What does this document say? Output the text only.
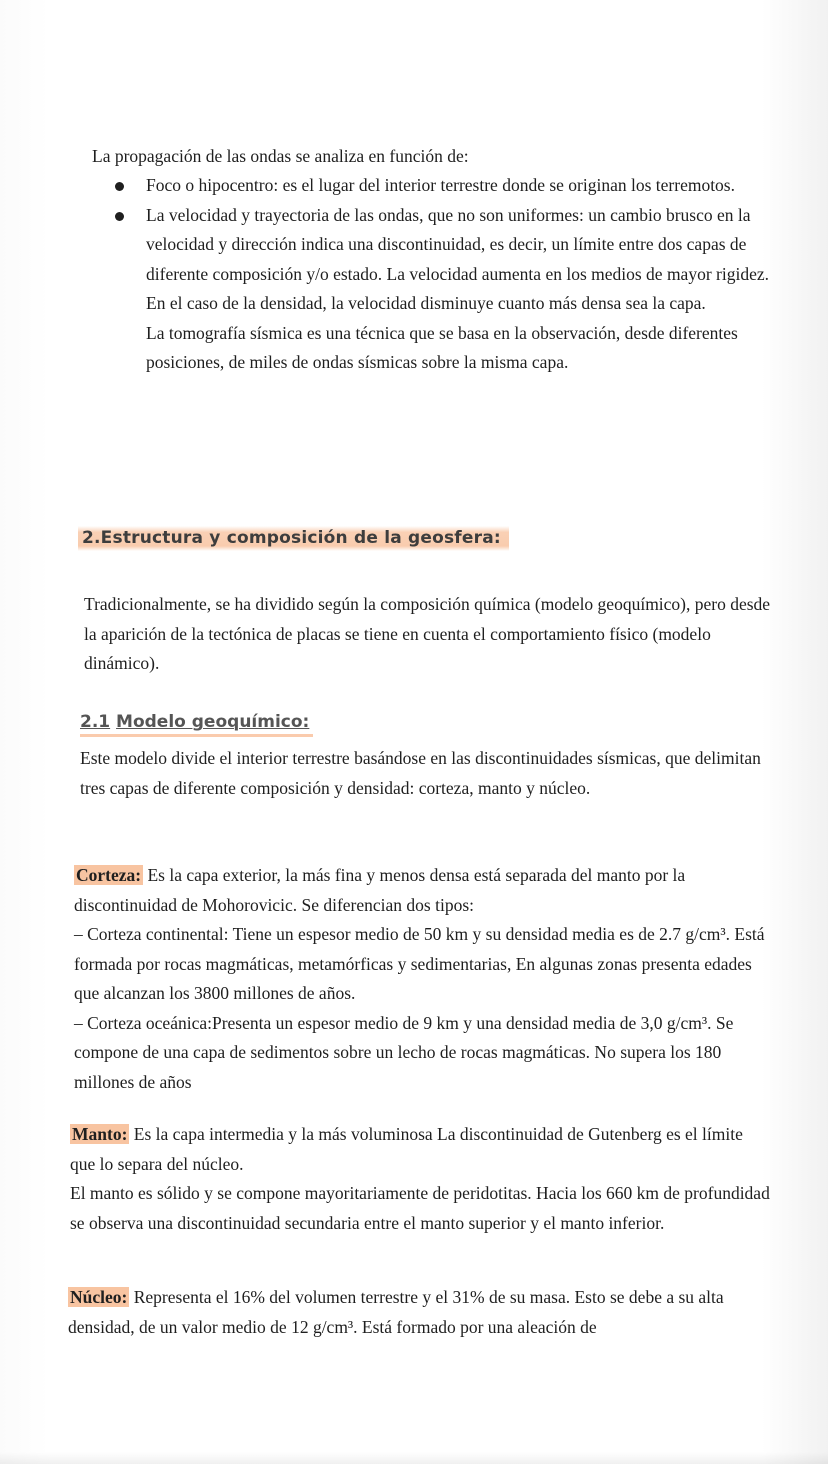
La propagación de las ondas se analiza en función de:

Foco o hipocentro: es el lugar del interior terrestre donde se originan los terremotos.

La velocidad y trayectoria de las ondas, que no son uniformes: un cambio brusco en la velocidad y dirección indica una discontinuidad, es decir, un límite entre dos capas de diferente composición y/o estado. La velocidad aumenta en los medios de mayor rigidez.

En el caso de la densidad, la velocidad disminuye cuanto más densa sea la capa.

La tomografía sísmica es una técnica que se basa en la observación, desde diferentes posiciones, de miles de ondas sísmicas sobre la misma capa.

2.Estructura y composición de la geosfera:

Tradicionalmente, se ha dividido según la composición química (modelo geoquímico), pero desde la aparición de la tectónica de placas se tiene en cuenta el comportamiento físico (modelo dinámico).

2.1 Modelo geoquímico:

Este modelo divide el interior terrestre basándose en las discontinuidades sísmicas, que delimitan tres capas de diferente composición y densidad: corteza, manto y núcleo.

Corteza: Es la capa exterior, la más fina y menos densa está separada del manto por la discontinuidad de Mohorovicic. Se diferencian dos tipos:

– Corteza continental: Tiene un espesor medio de 50 km y su densidad media es de 2.7 g/cm³. Está formada por rocas magmáticas, metamórficas y sedimentarias, En algunas zonas presenta edades que alcanzan los 3800 millones de años.

– Corteza oceánica:Presenta un espesor medio de 9 km y una densidad media de 3,0 g/cm³. Se compone de una capa de sedimentos sobre un lecho de rocas magmáticas. No supera los 180 millones de años

Manto: Es la capa intermedia y la más voluminosa La discontinuidad de Gutenberg es el límite que lo separa del núcleo.

El manto es sólido y se compone mayoritariamente de peridotitas. Hacia los 660 km de profundidad se observa una discontinuidad secundaria entre el manto superior y el manto inferior.

Núcleo: Representa el 16% del volumen terrestre y el 31% de su masa. Esto se debe a su alta densidad, de un valor medio de 12 g/cm³. Está formado por una aleación de
